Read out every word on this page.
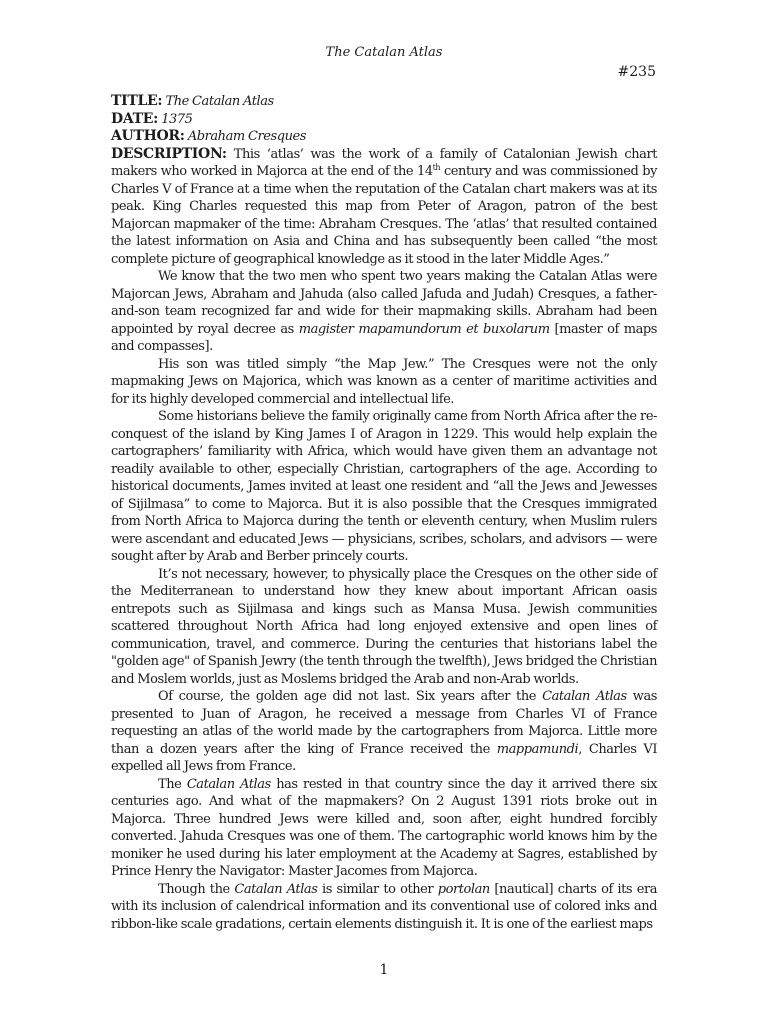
The Catalan Atlas
#235
TITLE: The Catalan Atlas
DATE: 1375
AUTHOR: Abraham Cresques

DESCRIPTION: This ‘atlas’ was the work of a family of Catalonian Jewish chart makers who worked in Majorca at the end of the 14th century and was commissioned by Charles V of France at a time when the reputation of the Catalan chart makers was at its peak. King Charles requested this map from Peter of Aragon, patron of the best Majorcan mapmaker of the time: Abraham Cresques. The ‘atlas’ that resulted contained the latest information on Asia and China and has subsequently been called “the most complete picture of geographical knowledge as it stood in the later Middle Ages.”

We know that the two men who spent two years making the Catalan Atlas were Majorcan Jews, Abraham and Jahuda (also called Jafuda and Judah) Cresques, a father-and-son team recognized far and wide for their mapmaking skills. Abraham had been appointed by royal decree as magister mapamundorum et buxolarum [master of maps and compasses].

His son was titled simply “the Map Jew.” The Cresques were not the only mapmaking Jews on Majorica, which was known as a center of maritime activities and for its highly developed commercial and intellectual life.

Some historians believe the family originally came from North Africa after the re-conquest of the island by King James I of Aragon in 1229. This would help explain the cartographers’ familiarity with Africa, which would have given them an advantage not readily available to other, especially Christian, cartographers of the age. According to historical documents, James invited at least one resident and “all the Jews and Jewesses of Sijilmasa” to come to Majorca. But it is also possible that the Cresques immigrated from North Africa to Majorca during the tenth or eleventh century, when Muslim rulers were ascendant and educated Jews — physicians, scribes, scholars, and advisors — were sought after by Arab and Berber princely courts.

It’s not necessary, however, to physically place the Cresques on the other side of the Mediterranean to understand how they knew about important African oasis entrepots such as Sijilmasa and kings such as Mansa Musa. Jewish communities scattered throughout North Africa had long enjoyed extensive and open lines of communication, travel, and commerce. During the centuries that historians label the "golden age" of Spanish Jewry (the tenth through the twelfth), Jews bridged the Christian and Moslem worlds, just as Moslems bridged the Arab and non-Arab worlds.

Of course, the golden age did not last. Six years after the Catalan Atlas was presented to Juan of Aragon, he received a message from Charles VI of France requesting an atlas of the world made by the cartographers from Majorca. Little more than a dozen years after the king of France received the mappamundi, Charles VI expelled all Jews from France.

The Catalan Atlas has rested in that country since the day it arrived there six centuries ago. And what of the mapmakers? On 2 August 1391 riots broke out in Majorca. Three hundred Jews were killed and, soon after, eight hundred forcibly converted. Jahuda Cresques was one of them. The cartographic world knows him by the moniker he used during his later employment at the Academy at Sagres, established by Prince Henry the Navigator: Master Jacomes from Majorca.

Though the Catalan Atlas is similar to other portolan [nautical] charts of its era with its inclusion of calendrical information and its conventional use of colored inks and ribbon-like scale gradations, certain elements distinguish it. It is one of the earliest maps

1
